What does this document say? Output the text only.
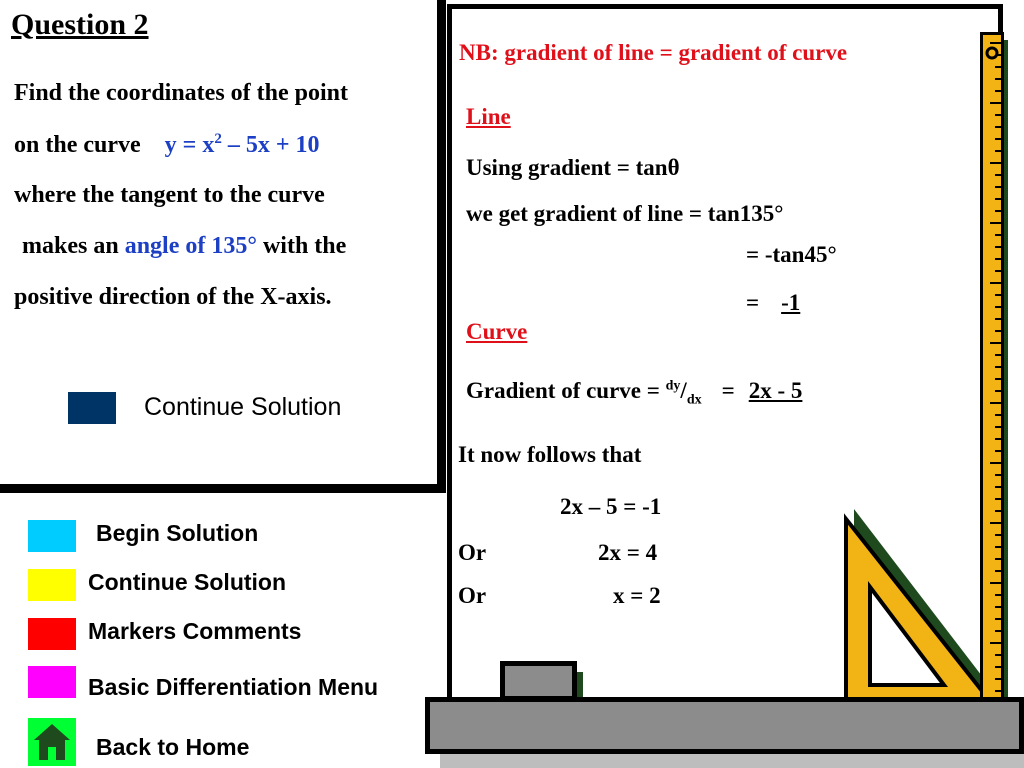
Question 2
Find the coordinates of the point
on the curve $y = x^2 - 5x + 10$
where the tangent to the curve
makes an angle of 135° with the
positive direction of the X-axis.
Continue Solution
Begin Solution
Continue Solution
Markers Comments
Basic Differentiation Menu
Back to Home
NB: gradient of line = gradient of curve
Line
Using gradient = tanθ
we get gradient of line = tan135°
= -tan45°
= -1
Curve
Gradient of curve = $^{dy}/_{dx} = 2x - 5$
It now follows that
2x – 5 = -1
Or	2x = 4
Or	x = 2
